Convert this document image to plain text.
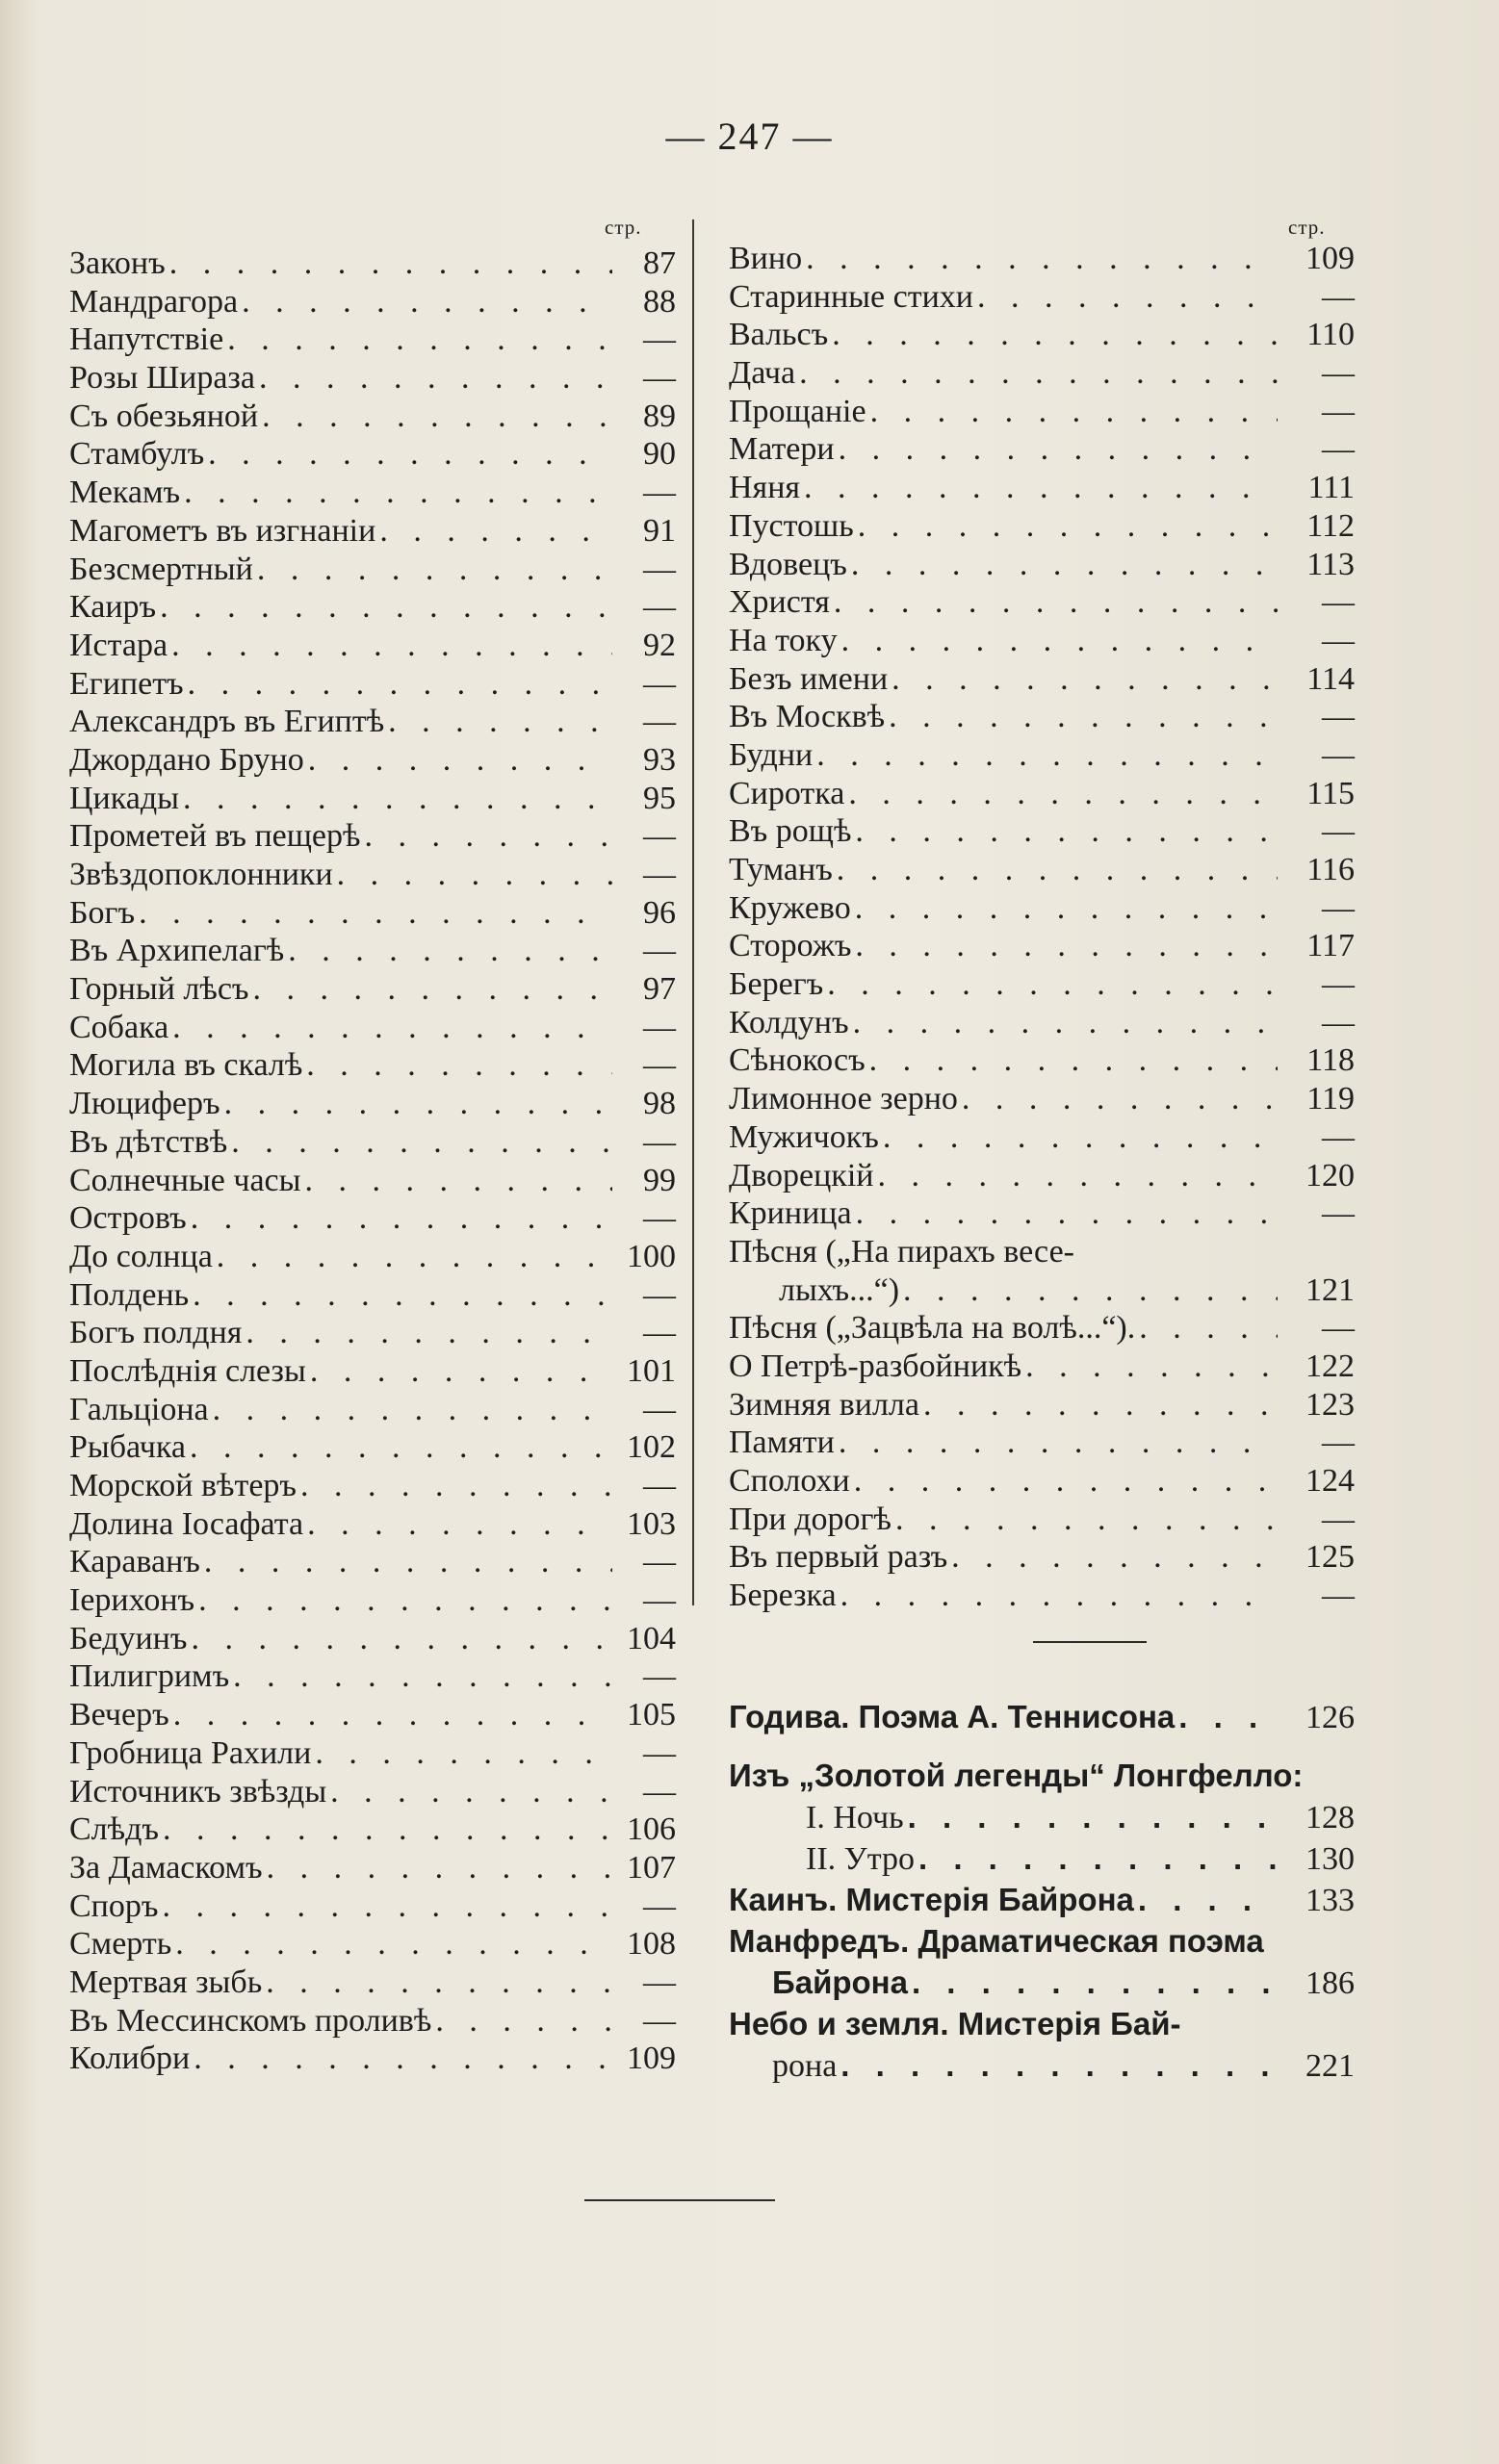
— 247 —
стр.	стр.
Законъ . . .	87
Мандрагора . . .	88
Напутствіе . . .	—
Розы Шираза . . .	—
Съ обезьяной . . .	89
Стамбулъ . . .	90
Мекамъ . . .	—
Магометъ въ изгнаніи . . .	91
Безсмертный . . .	—
Каиръ . . .	—
Истара . . .	92
Египетъ . . .	—
Александръ въ Египтѣ . . .	—
Джордано Бруно . . .	93
Цикады . . .	95
Прометей въ пещерѣ . . .	—
Звѣздопоклонники . . .	—
Богъ . . .	96
Въ Архипелагѣ . . .	—
Горный лѣсъ . . .	97
Собака . . .	—
Могила въ скалѣ . . .	—
Люциферъ . . .	98
Въ дѣтствѣ . . .	—
Солнечные часы . . .	99
Островъ . . .	—
До солнца . . .	100
Полдень . . .	—
Богъ полдня . . .	—
Послѣднія слезы . . .	101
Гальціона . . .	—
Рыбачка . . .	102
Морской вѣтеръ . . .	—
Долина Іосафата . . .	103
Караванъ . . .	—
Іерихонъ . . .	—
Бедуинъ . . .	104
Пилигримъ . . .	—
Вечеръ . . .	105
Гробница Рахили . . .	—
Источникъ звѣзды . . .	—
Слѣдъ . . .	106
За Дамаскомъ . . .	107
Споръ . . .	—
Смерть . . .	108
Мертвая зыбь . . .	—
Въ Мессинскомъ проливѣ . . .	—
Колибри . . .	109
Вино . . .	109
Старинные стихи . . .	—
Вальсъ . . .	110
Дача . . .	—
Прощаніе . . .	—
Матери . . .	—
Няня . . .	111
Пустошь . . .	112
Вдовецъ . . .	113
Христя . . .	—
На току . . .	—
Безъ имени . . .	114
Въ Москвѣ . . .	—
Будни . . .	—
Сиротка . . .	115
Въ рощѣ . . .	—
Туманъ . . .	116
Кружево . . .	—
Сторожъ . . .	117
Берегъ . . .	—
Колдунъ . . .	—
Сѣнокосъ . . .	118
Лимонное зерно . . .	119
Мужичокъ . . .	—
Дворецкій . . .	120
Криница . . .	—
Пѣсня („На пирахъ весе-
лыхъ...“) . . .	121
Пѣсня („Зацвѣла на волѣ...“). . . .	—
О Петрѣ-разбойникѣ . . .	122
Зимняя вилла . . .	123
Памяти . . .	—
Сполохи . . .	124
При дорогѣ . . .	—
Въ первый разъ . . .	125
Березка . . .	—
Годива. Поэма А. Теннисона . . .	126
Изъ „Золотой легенды“ Лонгфелло:
I. Ночь . . .	128
II. Утро . . .	130
Каинъ. Мистерія Байрона . . .	133
Манфредъ. Драматическая поэма
Байрона . . .	186
Небо и земля. Мистерія Бай-
рона . . .	221
